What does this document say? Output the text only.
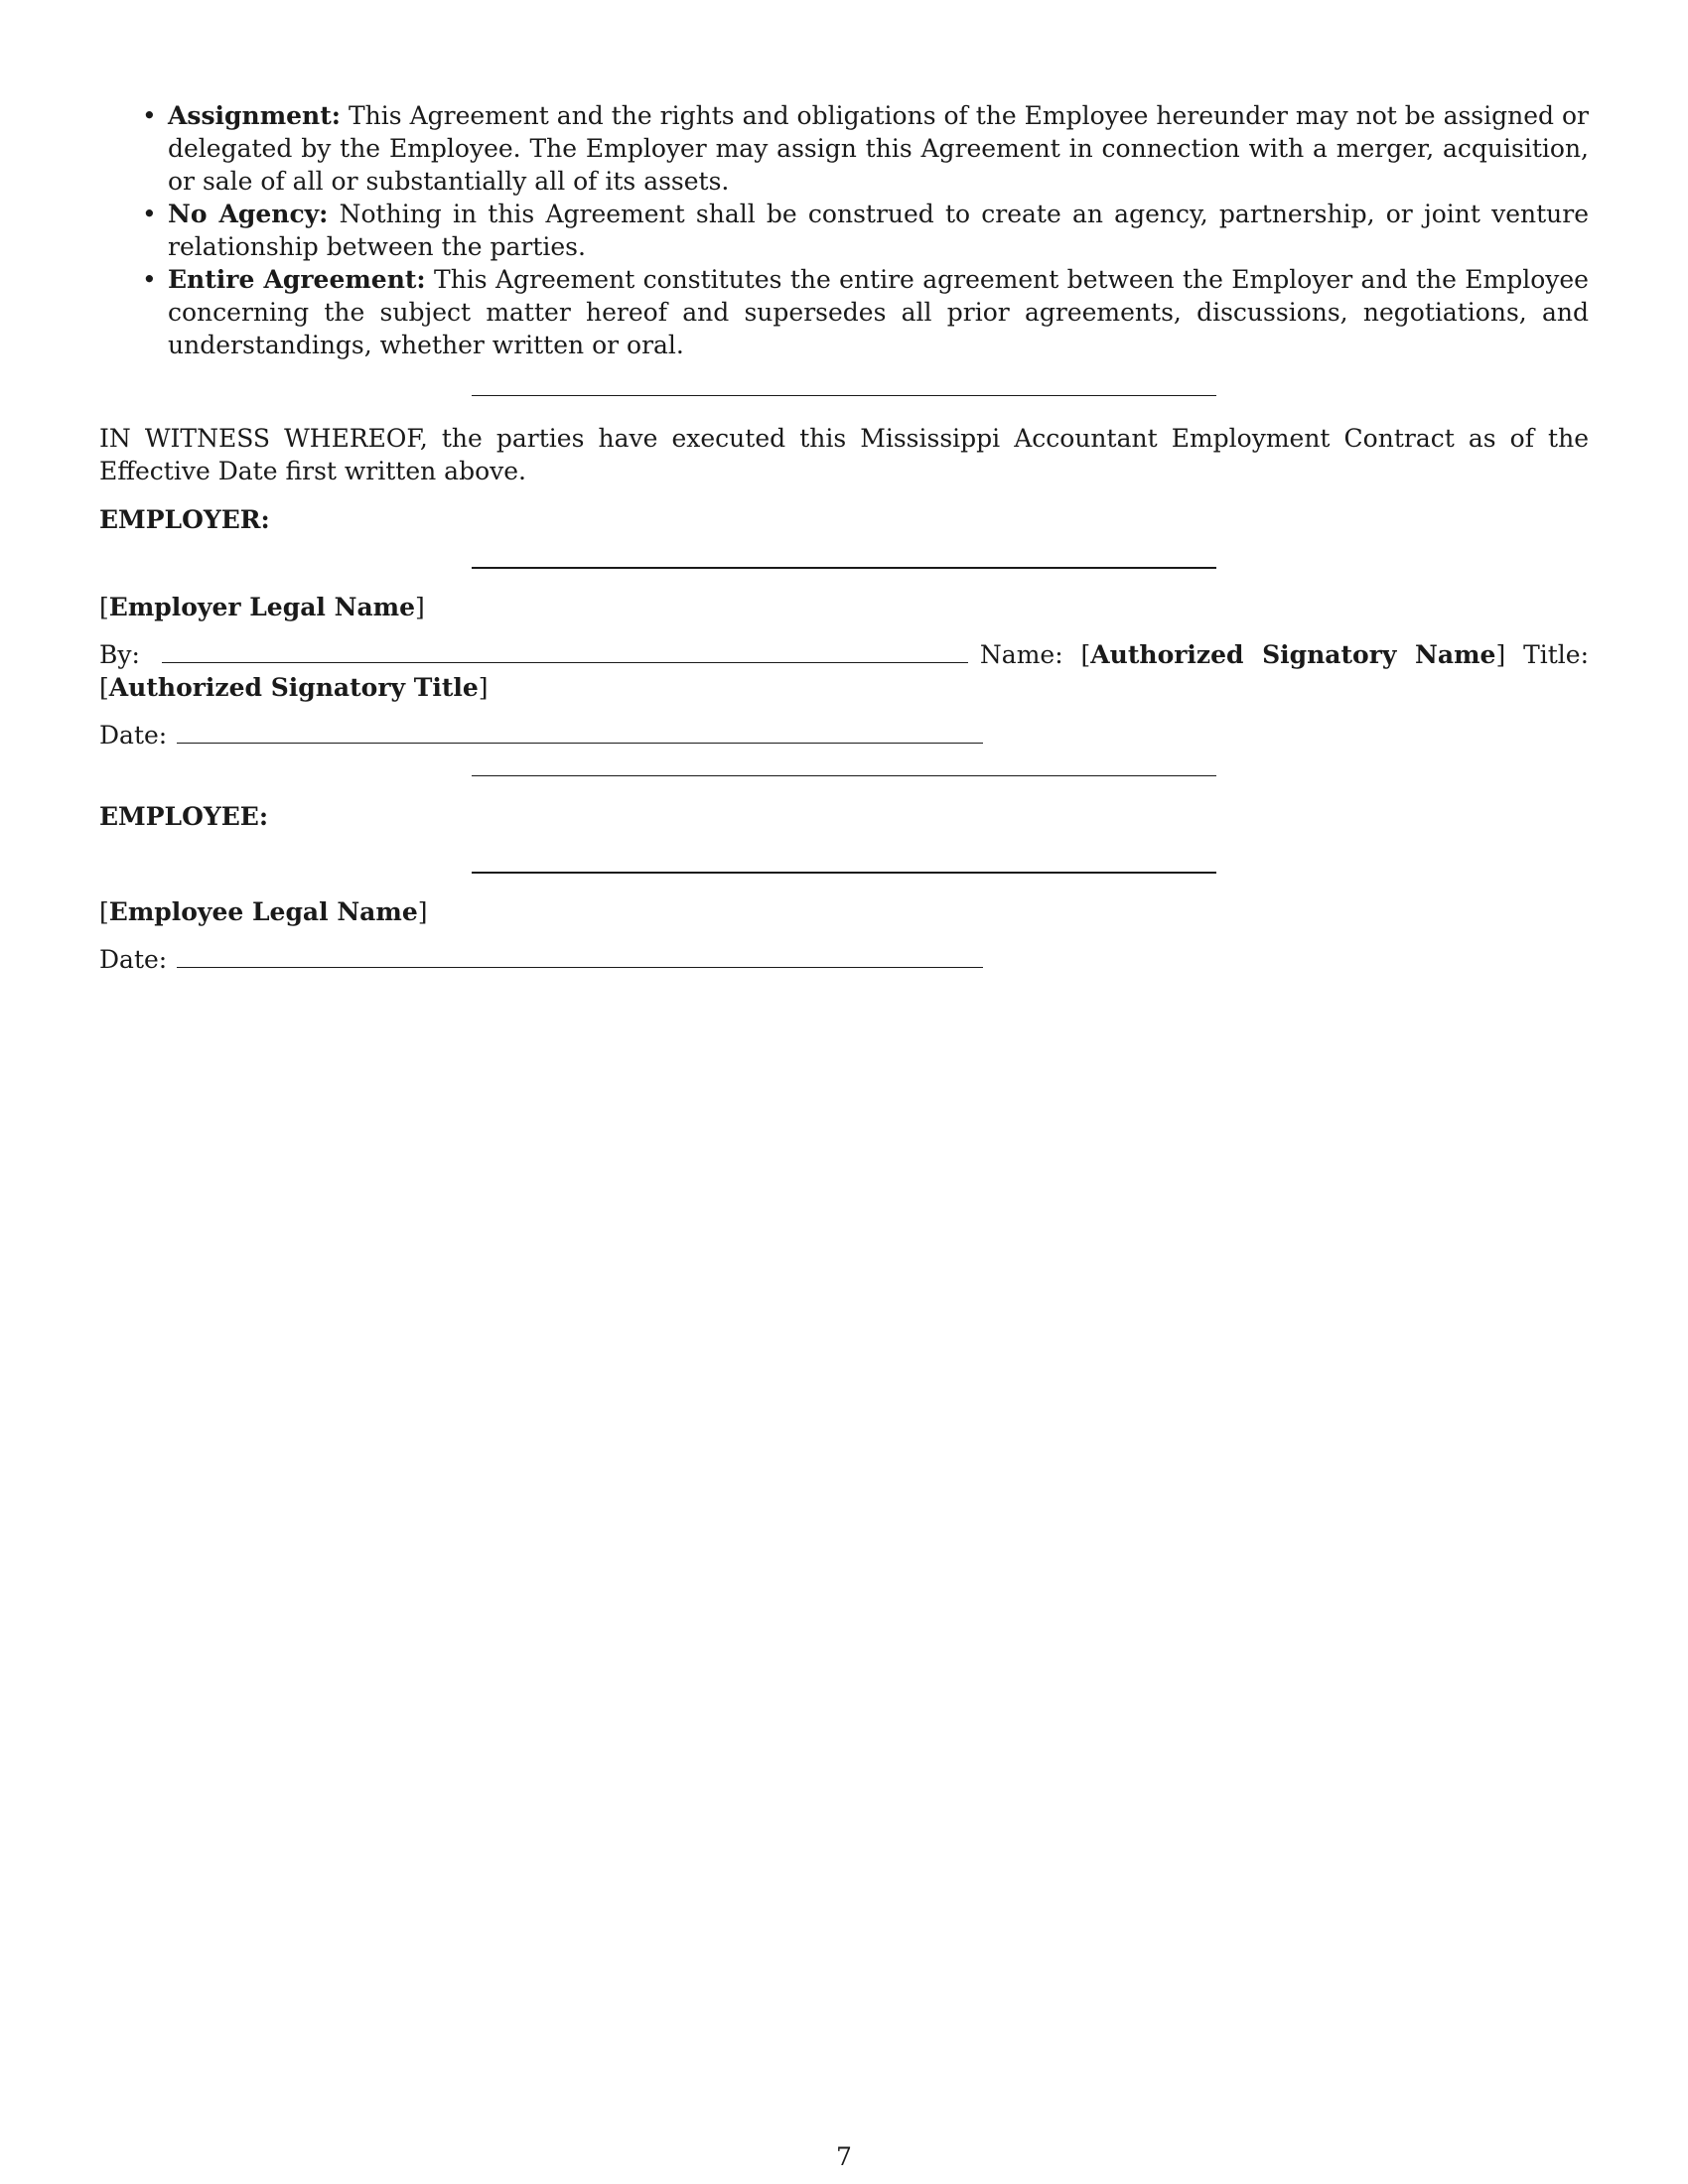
• Assignment: This Agreement and the rights and obligations of the Employee hereunder may not be assigned or delegated by the Employee. The Employer may assign this Agreement in connection with a merger, acquisition, or sale of all or substantially all of its assets.
• No Agency: Nothing in this Agreement shall be construed to create an agency, partnership, or joint venture relationship between the parties.
• Entire Agreement: This Agreement constitutes the entire agreement between the Employer and the Employee concerning the subject matter hereof and supersedes all prior agreements, discussions, negotiations, and understandings, whether written or oral.
IN WITNESS WHEREOF, the parties have executed this Mississippi Accountant Employment Contract as of the Effective Date first written above.
EMPLOYER:
[Employer Legal Name]
By:	Name: [Authorized Signatory Name] Title: [Authorized Signatory Title]
Date:
EMPLOYEE:
[Employee Legal Name]
Date:
7
